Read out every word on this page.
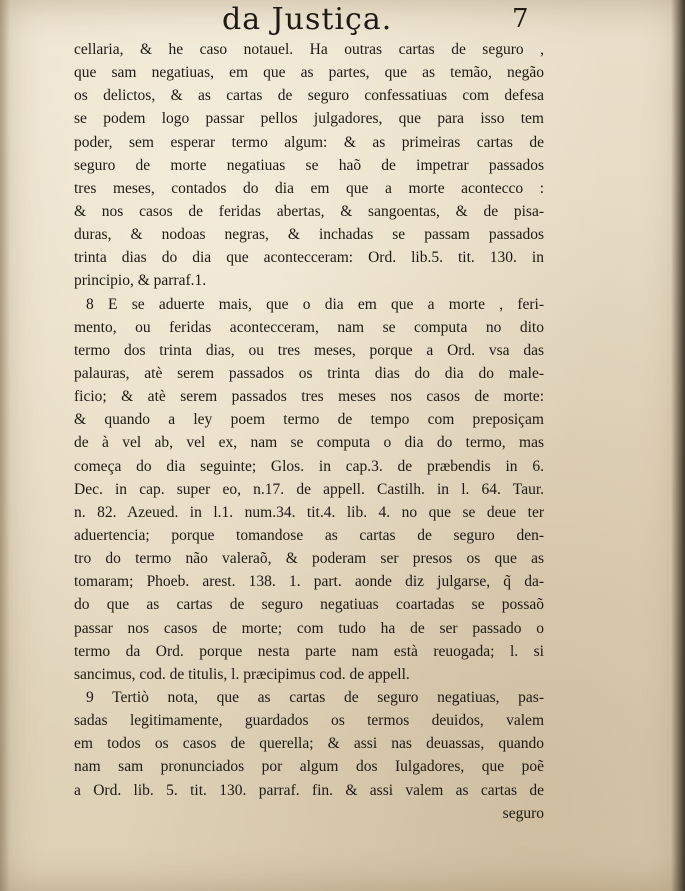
da Justiça.	7
cellaria, & he caso notauel. Ha outras cartas de seguro ,
que sam negatiuas, em que as partes, que as temão, negão
os delictos, & as cartas de seguro confessatiuas com defesa
se podem logo passar pellos julgadores, que para isso tem
poder, sem esperar termo algum: & as primeiras cartas de
seguro de morte negatiuas se haõ de impetrar passados
tres meses, contados do dia em que a morte acontecco :
& nos casos de feridas abertas, & sangoentas, & de pisa-
duras, & nodoas negras, & inchadas se passam passados
trinta dias do dia que acontecceram: Ord. lib.5. tit. 130. in
principio, & parraf.1.
8 E se aduerte mais, que o dia em que a morte , feri-
mento, ou feridas acontecceram, nam se computa no dito
termo dos trinta dias, ou tres meses, porque a Ord. vsa das
palauras, atè serem passados os trinta dias do dia do male-
ficio; & atè serem passados tres meses nos casos de morte:
& quando a ley poem termo de tempo com preposiçam
de à vel ab, vel ex, nam se computa o dia do termo, mas
começa do dia seguinte; Glos. in cap.3. de præbendis in 6.
Dec. in cap. super eo, n.17. de appell. Castilh. in l. 64. Taur.
n. 82. Azeued. in l.1. num.34. tit.4. lib. 4. no que se deue ter
aduertencia; porque tomandose as cartas de seguro den-
tro do termo não valeraõ, & poderam ser presos os que as
tomaram; Phoeb. arest. 138. 1. part. aonde diz julgarse, q̃ da-
do que as cartas de seguro negatiuas coartadas se possaõ
passar nos casos de morte; com tudo ha de ser passado o
termo da Ord. porque nesta parte nam està reuogada; l. si
sancimus, cod. de titulis, l. præcipimus cod. de appell.
9 Tertiò nota, que as cartas de seguro negatiuas, pas-
sadas legitimamente, guardados os termos deuidos, valem
em todos os casos de querella; & assi nas deuassas, quando
nam sam pronunciados por algum dos Iulgadores, que poẽ
a Ord. lib. 5. tit. 130. parraf. fin. & assi valem as cartas de
seguro
